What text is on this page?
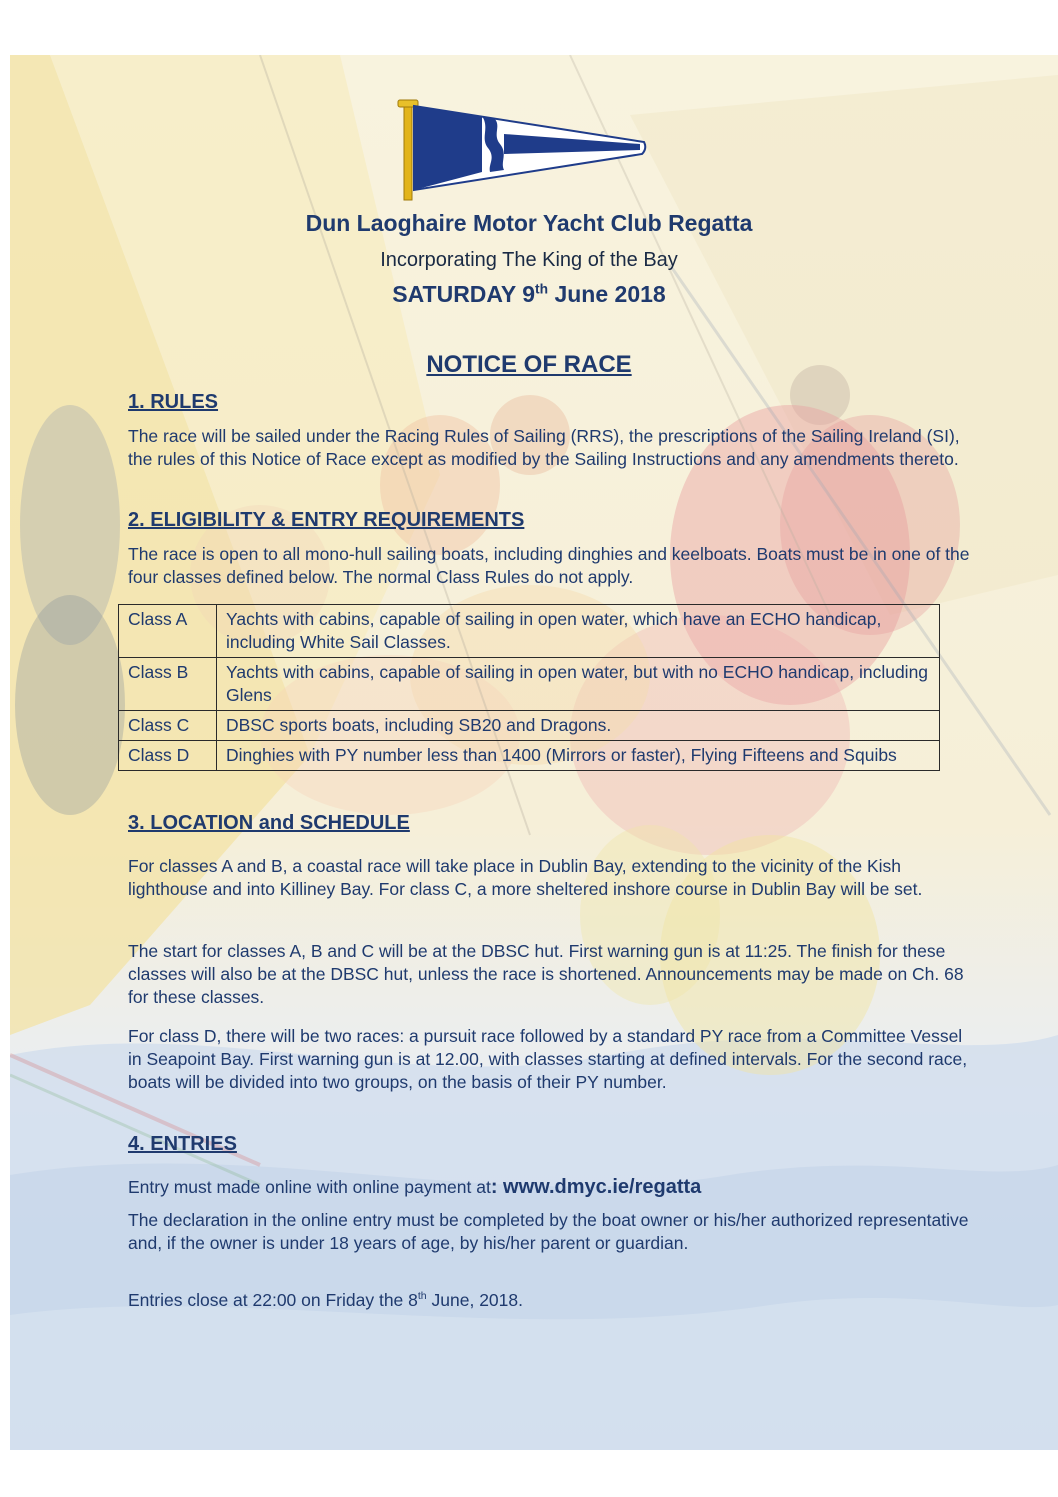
Dun Laoghaire Motor Yacht Club Regatta
Incorporating The King of the Bay
SATURDAY 9th June 2018
NOTICE OF RACE
1. RULES

The race will be sailed under the Racing Rules of Sailing (RRS), the prescriptions of the Sailing Ireland (SI), the rules of this Notice of Race except as modified by the Sailing Instructions and any amendments thereto.

2. ELIGIBILITY & ENTRY REQUIREMENTS

The race is open to all mono-hull sailing boats, including dinghies and keelboats. Boats must be in one of the four classes defined below. The normal Class Rules do not apply.

Class A	Yachts with cabins, capable of sailing in open water, which have an ECHO handicap, including White Sail Classes.
Class B	Yachts with cabins, capable of sailing in open water, but with no ECHO handicap, including Glens
Class C	DBSC sports boats, including SB20 and Dragons.
Class D	Dinghies with PY number less than 1400 (Mirrors or faster), Flying Fifteens and Squibs
3. LOCATION and SCHEDULE

For classes A and B, a coastal race will take place in Dublin Bay, extending to the vicinity of the Kish lighthouse and into Killiney Bay. For class C, a more sheltered inshore course in Dublin Bay will be set.

The start for classes A, B and C will be at the DBSC hut. First warning gun is at 11:25. The finish for these classes will also be at the DBSC hut, unless the race is shortened. Announcements may be made on Ch. 68 for these classes.

For class D, there will be two races: a pursuit race followed by a standard PY race from a Committee Vessel in Seapoint Bay. First warning gun is at 12.00, with classes starting at defined intervals. For the second race, boats will be divided into two groups, on the basis of their PY number.

4. ENTRIES

Entry must made online with online payment at: www.dmyc.ie/regatta

The declaration in the online entry must be completed by the boat owner or his/her authorized representative and, if the owner is under 18 years of age, by his/her parent or guardian.

Entries close at 22:00 on Friday the 8th June, 2018.
